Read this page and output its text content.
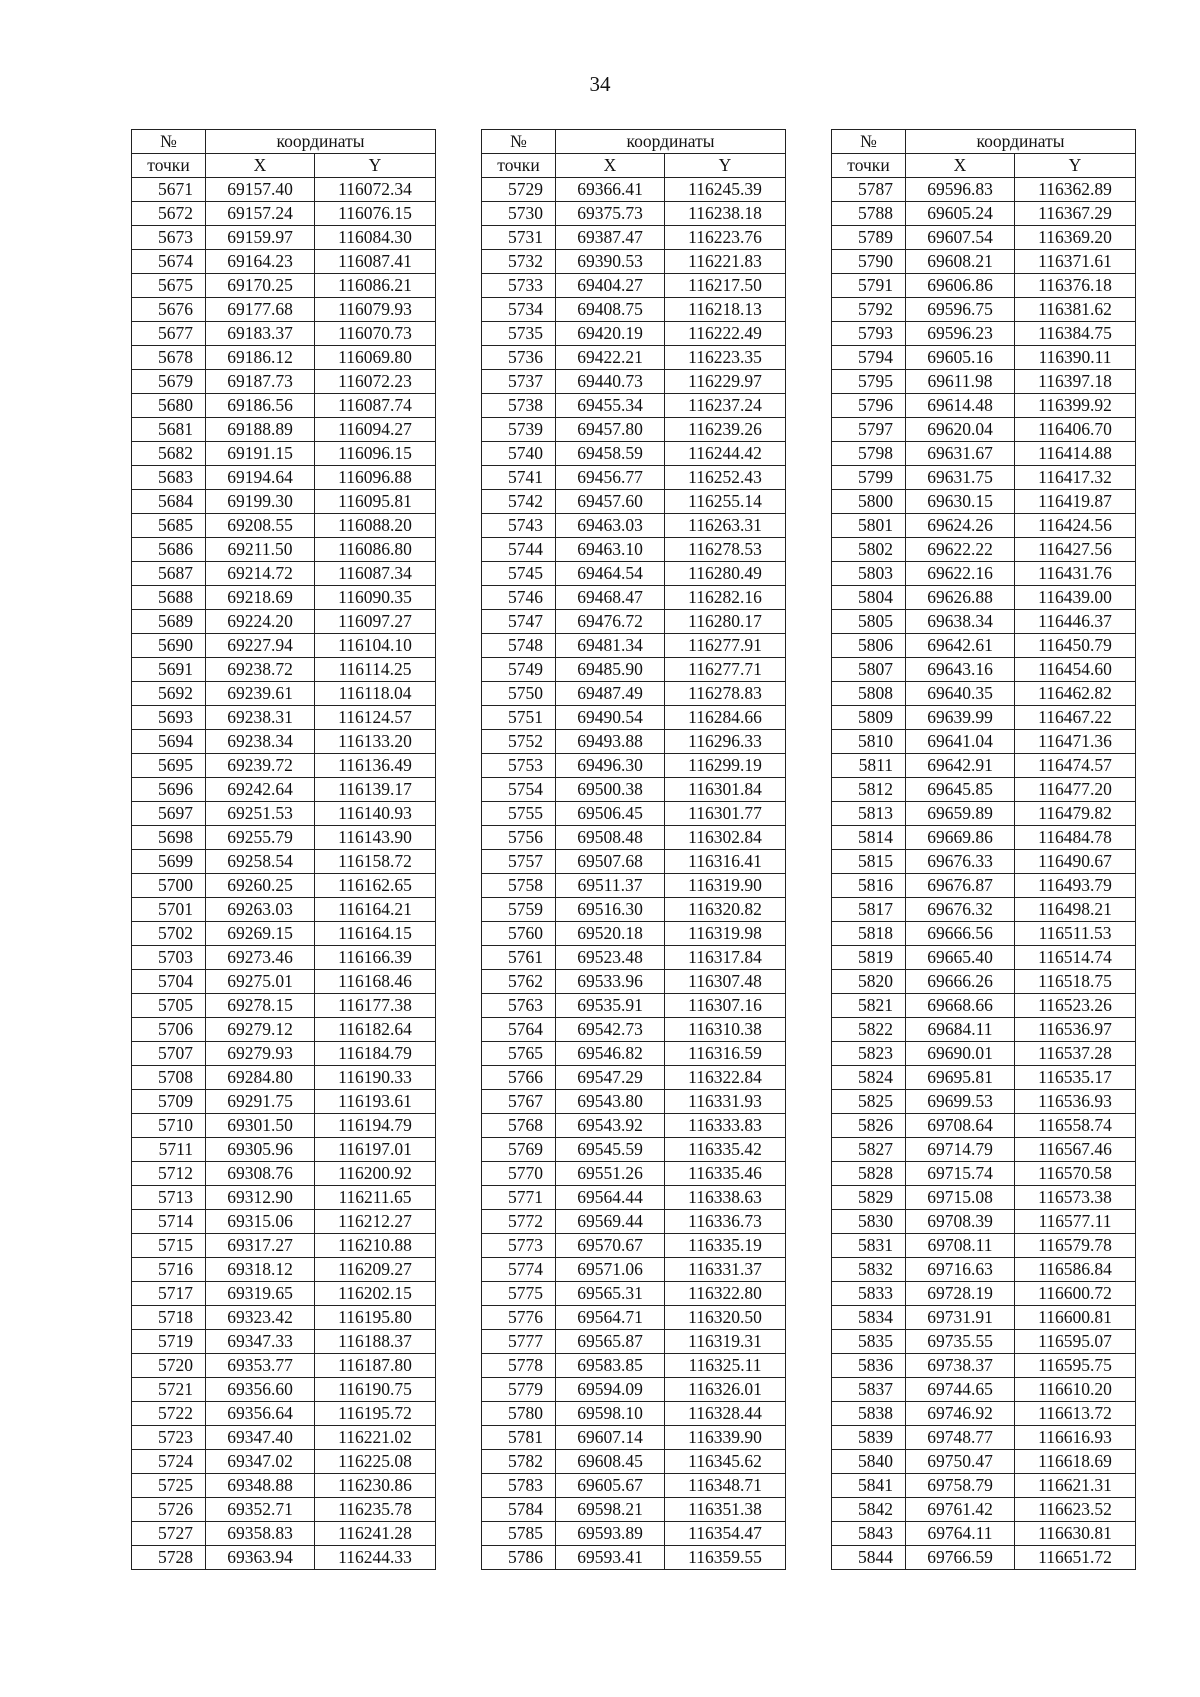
34
№	координаты	
точки	X	Y
5671	69157.40	116072.34
5672	69157.24	116076.15
5673	69159.97	116084.30
5674	69164.23	116087.41
5675	69170.25	116086.21
5676	69177.68	116079.93
5677	69183.37	116070.73
5678	69186.12	116069.80
5679	69187.73	116072.23
5680	69186.56	116087.74
5681	69188.89	116094.27
5682	69191.15	116096.15
5683	69194.64	116096.88
5684	69199.30	116095.81
5685	69208.55	116088.20
5686	69211.50	116086.80
5687	69214.72	116087.34
5688	69218.69	116090.35
5689	69224.20	116097.27
5690	69227.94	116104.10
5691	69238.72	116114.25
5692	69239.61	116118.04
5693	69238.31	116124.57
5694	69238.34	116133.20
5695	69239.72	116136.49
5696	69242.64	116139.17
5697	69251.53	116140.93
5698	69255.79	116143.90
5699	69258.54	116158.72
5700	69260.25	116162.65
5701	69263.03	116164.21
5702	69269.15	116164.15
5703	69273.46	116166.39
5704	69275.01	116168.46
5705	69278.15	116177.38
5706	69279.12	116182.64
5707	69279.93	116184.79
5708	69284.80	116190.33
5709	69291.75	116193.61
5710	69301.50	116194.79
5711	69305.96	116197.01
5712	69308.76	116200.92
5713	69312.90	116211.65
5714	69315.06	116212.27
5715	69317.27	116210.88
5716	69318.12	116209.27
5717	69319.65	116202.15
5718	69323.42	116195.80
5719	69347.33	116188.37
5720	69353.77	116187.80
5721	69356.60	116190.75
5722	69356.64	116195.72
5723	69347.40	116221.02
5724	69347.02	116225.08
5725	69348.88	116230.86
5726	69352.71	116235.78
5727	69358.83	116241.28
5728	69363.94	116244.33
№	координаты	
точки	X	Y
5729	69366.41	116245.39
5730	69375.73	116238.18
5731	69387.47	116223.76
5732	69390.53	116221.83
5733	69404.27	116217.50
5734	69408.75	116218.13
5735	69420.19	116222.49
5736	69422.21	116223.35
5737	69440.73	116229.97
5738	69455.34	116237.24
5739	69457.80	116239.26
5740	69458.59	116244.42
5741	69456.77	116252.43
5742	69457.60	116255.14
5743	69463.03	116263.31
5744	69463.10	116278.53
5745	69464.54	116280.49
5746	69468.47	116282.16
5747	69476.72	116280.17
5748	69481.34	116277.91
5749	69485.90	116277.71
5750	69487.49	116278.83
5751	69490.54	116284.66
5752	69493.88	116296.33
5753	69496.30	116299.19
5754	69500.38	116301.84
5755	69506.45	116301.77
5756	69508.48	116302.84
5757	69507.68	116316.41
5758	69511.37	116319.90
5759	69516.30	116320.82
5760	69520.18	116319.98
5761	69523.48	116317.84
5762	69533.96	116307.48
5763	69535.91	116307.16
5764	69542.73	116310.38
5765	69546.82	116316.59
5766	69547.29	116322.84
5767	69543.80	116331.93
5768	69543.92	116333.83
5769	69545.59	116335.42
5770	69551.26	116335.46
5771	69564.44	116338.63
5772	69569.44	116336.73
5773	69570.67	116335.19
5774	69571.06	116331.37
5775	69565.31	116322.80
5776	69564.71	116320.50
5777	69565.87	116319.31
5778	69583.85	116325.11
5779	69594.09	116326.01
5780	69598.10	116328.44
5781	69607.14	116339.90
5782	69608.45	116345.62
5783	69605.67	116348.71
5784	69598.21	116351.38
5785	69593.89	116354.47
5786	69593.41	116359.55
№	координаты	
точки	X	Y
5787	69596.83	116362.89
5788	69605.24	116367.29
5789	69607.54	116369.20
5790	69608.21	116371.61
5791	69606.86	116376.18
5792	69596.75	116381.62
5793	69596.23	116384.75
5794	69605.16	116390.11
5795	69611.98	116397.18
5796	69614.48	116399.92
5797	69620.04	116406.70
5798	69631.67	116414.88
5799	69631.75	116417.32
5800	69630.15	116419.87
5801	69624.26	116424.56
5802	69622.22	116427.56
5803	69622.16	116431.76
5804	69626.88	116439.00
5805	69638.34	116446.37
5806	69642.61	116450.79
5807	69643.16	116454.60
5808	69640.35	116462.82
5809	69639.99	116467.22
5810	69641.04	116471.36
5811	69642.91	116474.57
5812	69645.85	116477.20
5813	69659.89	116479.82
5814	69669.86	116484.78
5815	69676.33	116490.67
5816	69676.87	116493.79
5817	69676.32	116498.21
5818	69666.56	116511.53
5819	69665.40	116514.74
5820	69666.26	116518.75
5821	69668.66	116523.26
5822	69684.11	116536.97
5823	69690.01	116537.28
5824	69695.81	116535.17
5825	69699.53	116536.93
5826	69708.64	116558.74
5827	69714.79	116567.46
5828	69715.74	116570.58
5829	69715.08	116573.38
5830	69708.39	116577.11
5831	69708.11	116579.78
5832	69716.63	116586.84
5833	69728.19	116600.72
5834	69731.91	116600.81
5835	69735.55	116595.07
5836	69738.37	116595.75
5837	69744.65	116610.20
5838	69746.92	116613.72
5839	69748.77	116616.93
5840	69750.47	116618.69
5841	69758.79	116621.31
5842	69761.42	116623.52
5843	69764.11	116630.81
5844	69766.59	116651.72
